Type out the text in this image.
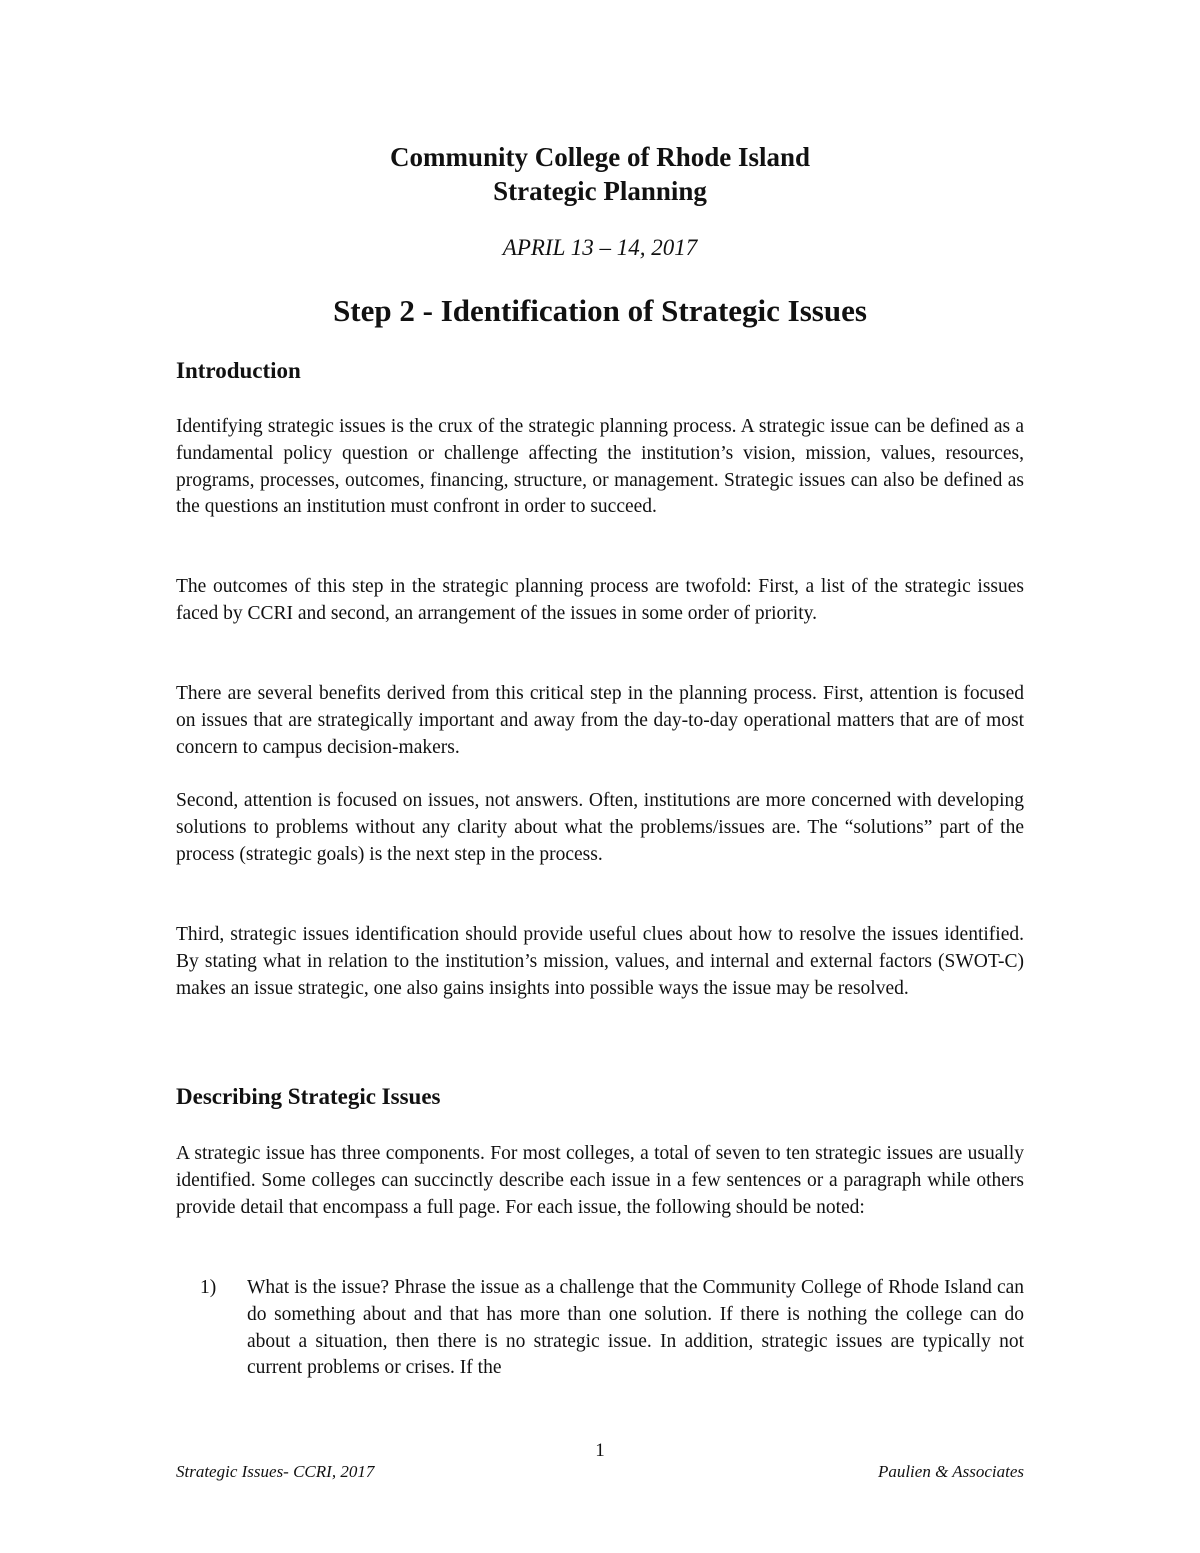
Community College of Rhode Island

Strategic Planning

APRIL 13 – 14, 2017
Step 2 - Identification of Strategic Issues
Introduction

Identifying strategic issues is the crux of the strategic planning process. A strategic issue can be defined as a fundamental policy question or challenge affecting the institution’s vision, mission, values, resources, programs, processes, outcomes, financing, structure, or management. Strategic issues can also be defined as the questions an institution must confront in order to succeed.

The outcomes of this step in the strategic planning process are twofold: First, a list of the strategic issues faced by CCRI and second, an arrangement of the issues in some order of priority.

There are several benefits derived from this critical step in the planning process. First, attention is focused on issues that are strategically important and away from the day-to-day operational matters that are of most concern to campus decision-makers.

Second, attention is focused on issues, not answers. Often, institutions are more concerned with developing solutions to problems without any clarity about what the problems/issues are. The “solutions” part of the process (strategic goals) is the next step in the process.

Third, strategic issues identification should provide useful clues about how to resolve the issues identified. By stating what in relation to the institution’s mission, values, and internal and external factors (SWOT-C) makes an issue strategic, one also gains insights into possible ways the issue may be resolved.

Describing Strategic Issues

A strategic issue has three components. For most colleges, a total of seven to ten strategic issues are usually identified. Some colleges can succinctly describe each issue in a few sentences or a paragraph while others provide detail that encompass a full page. For each issue, the following should be noted:

1) What is the issue? Phrase the issue as a challenge that the Community College of Rhode Island can do something about and that has more than one solution. If there is nothing the college can do about a situation, then there is no strategic issue. In addition, strategic issues are typically not current problems or crises. If the
1
Strategic Issues- CCRI, 2017	Paulien & Associates
